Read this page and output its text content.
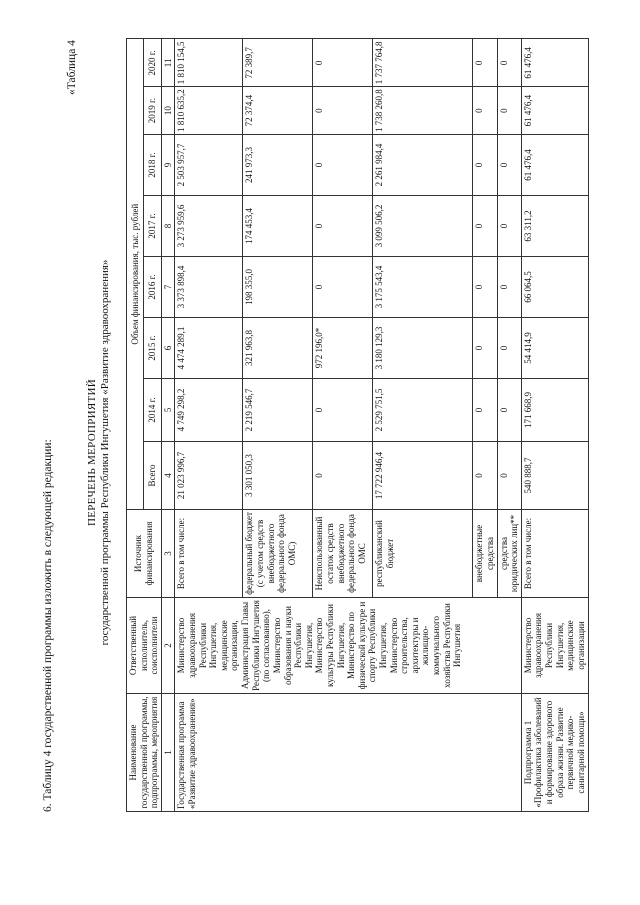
6. Таблицу 4 государственной программы изложить в следующей редакции:
«Таблица 4
ПЕРЕЧЕНЬ МЕРОПРИЯТИЙ государственной программы Республики Ингушетия «Развитие здравоохранения»
Наименование государственной программы, подпрограммы, мероприятия	Ответственный исполнитель, соисполнители	Источник финансирования	Объем финансирования, тыс. рублей							
			Всего	2014 г.	2015 г.	2016 г.	2017 г.	2018 г.	2019 г.	2020 г.
1	2	3	4	5	6	7	8	9	10	11
Государственная программа «Развитие здравоохранения»	Министерство здравоохранения Республики Ингушетия, медицинские организации, Администрация Главы Республики Ингушетия (по согласованию), Министерство образования и науки Республики Ингушетия, Министерство культуры Республики Ингушетия, Министерство по физической культуре и спорту Республики Ингушетия, Министерство строительства, архитектуры и жилищно-коммунального хозяйства Республики Ингушетия	Всего в том числе:	21 023 996,7	4 749 298,2	4 474 289,1	3 373 898,4	3 273 959,6	2 503 957,7	1 810 635,2	1 810 154,5
		федеральный бюджет (с учетом средств внебюджетного федерального фонда ОМС)	3 301 050,3	2 219 546,7	321 963,8	198 355,0	174 453,4	241 973,3	72 374,4	72 389,7
		Неиспользованный остаток средств внебюджетного федерального фонда ОМС	0	0	972 196,0*	0	0	0	0	0
		республиканский бюджет	17 722 946,4	2 529 751,5	3 180 129,3	3 175 543,4	3 099 506,2	2 261 984,4	1 738 260,8	1 737 764,8
		внебюджетные средства	0	0	0	0	0	0	0	0
		средства юридических лиц**	0	0	0	0	0	0	0	0
Подпрограмма 1 «Профилактика заболеваний и формирование здорового образа жизни. Развитие первичной медико-санитарной помощи»	Министерство здравоохранения Республики Ингушетия, медицинские организации	Всего в том числе:	540 888,7	171 668,9	54 414,9	66 064,5	63 311,2	61 476,4	61 476,4	61 476,4
